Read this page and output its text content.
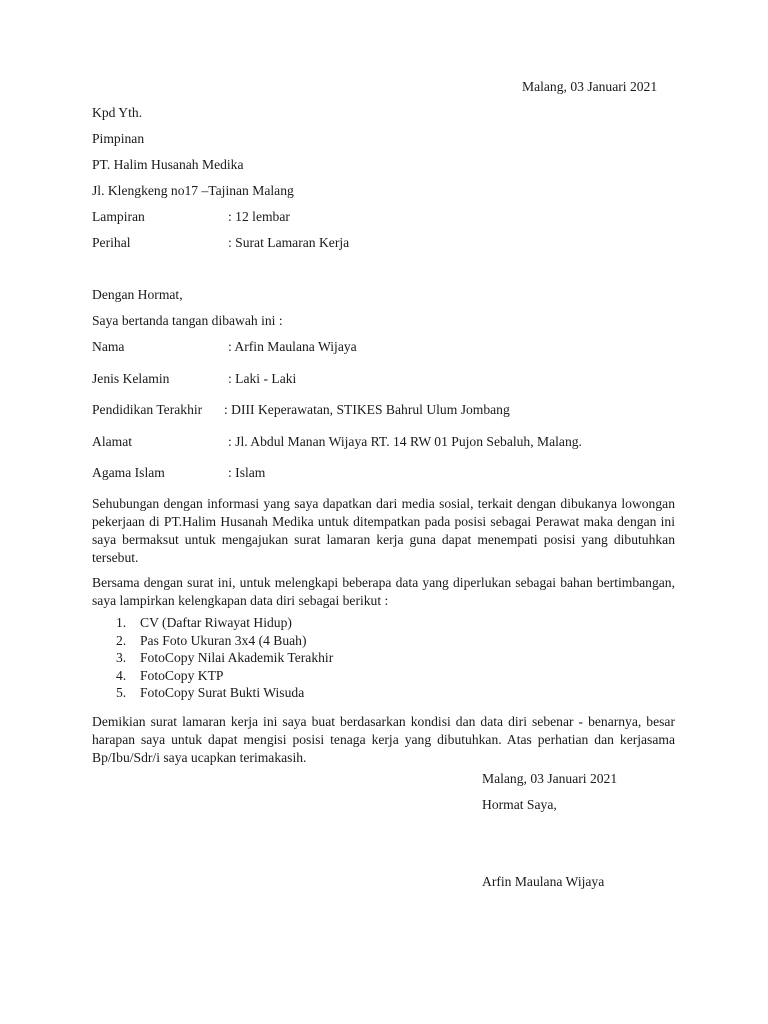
Malang, 03 Januari 2021
Kpd Yth.
Pimpinan
PT. Halim Husanah Medika
Jl. Klengkeng no17 –Tajinan Malang
Lampiran	: 12 lembar
Perihal	: Surat Lamaran Kerja
Dengan Hormat,
Saya bertanda tangan dibawah ini :
Nama	: Arfin Maulana Wijaya
Jenis Kelamin	: Laki - Laki
Pendidikan Terakhir : DIII Keperawatan, STIKES Bahrul Ulum Jombang
Alamat	: Jl. Abdul Manan Wijaya RT. 14 RW 01 Pujon Sebaluh, Malang.
Agama Islam	: Islam

Sehubungan dengan informasi yang saya dapatkan dari media sosial, terkait dengan dibukanya lowongan pekerjaan di PT.Halim Husanah Medika untuk ditempatkan pada posisi sebagai Perawat maka dengan ini saya bermaksut untuk mengajukan surat lamaran kerja guna dapat menempati posisi yang dibutuhkan tersebut.

Bersama dengan surat ini, untuk melengkapi beberapa data yang diperlukan sebagai bahan bertimbangan, saya lampirkan kelengkapan data diri sebagai berikut :

1. CV (Daftar Riwayat Hidup)
2. Pas Foto Ukuran 3x4 (4 Buah)
3. FotoCopy Nilai Akademik Terakhir
4. FotoCopy KTP
5. FotoCopy Surat Bukti Wisuda

Demikian surat lamaran kerja ini saya buat berdasarkan kondisi dan data diri sebenar - benarnya, besar harapan saya untuk dapat mengisi posisi tenaga kerja yang dibutuhkan. Atas perhatian dan kerjasama Bp/Ibu/Sdr/i saya ucapkan terimakasih.

Malang, 03 Januari 2021
Hormat Saya,
Arfin Maulana Wijaya
